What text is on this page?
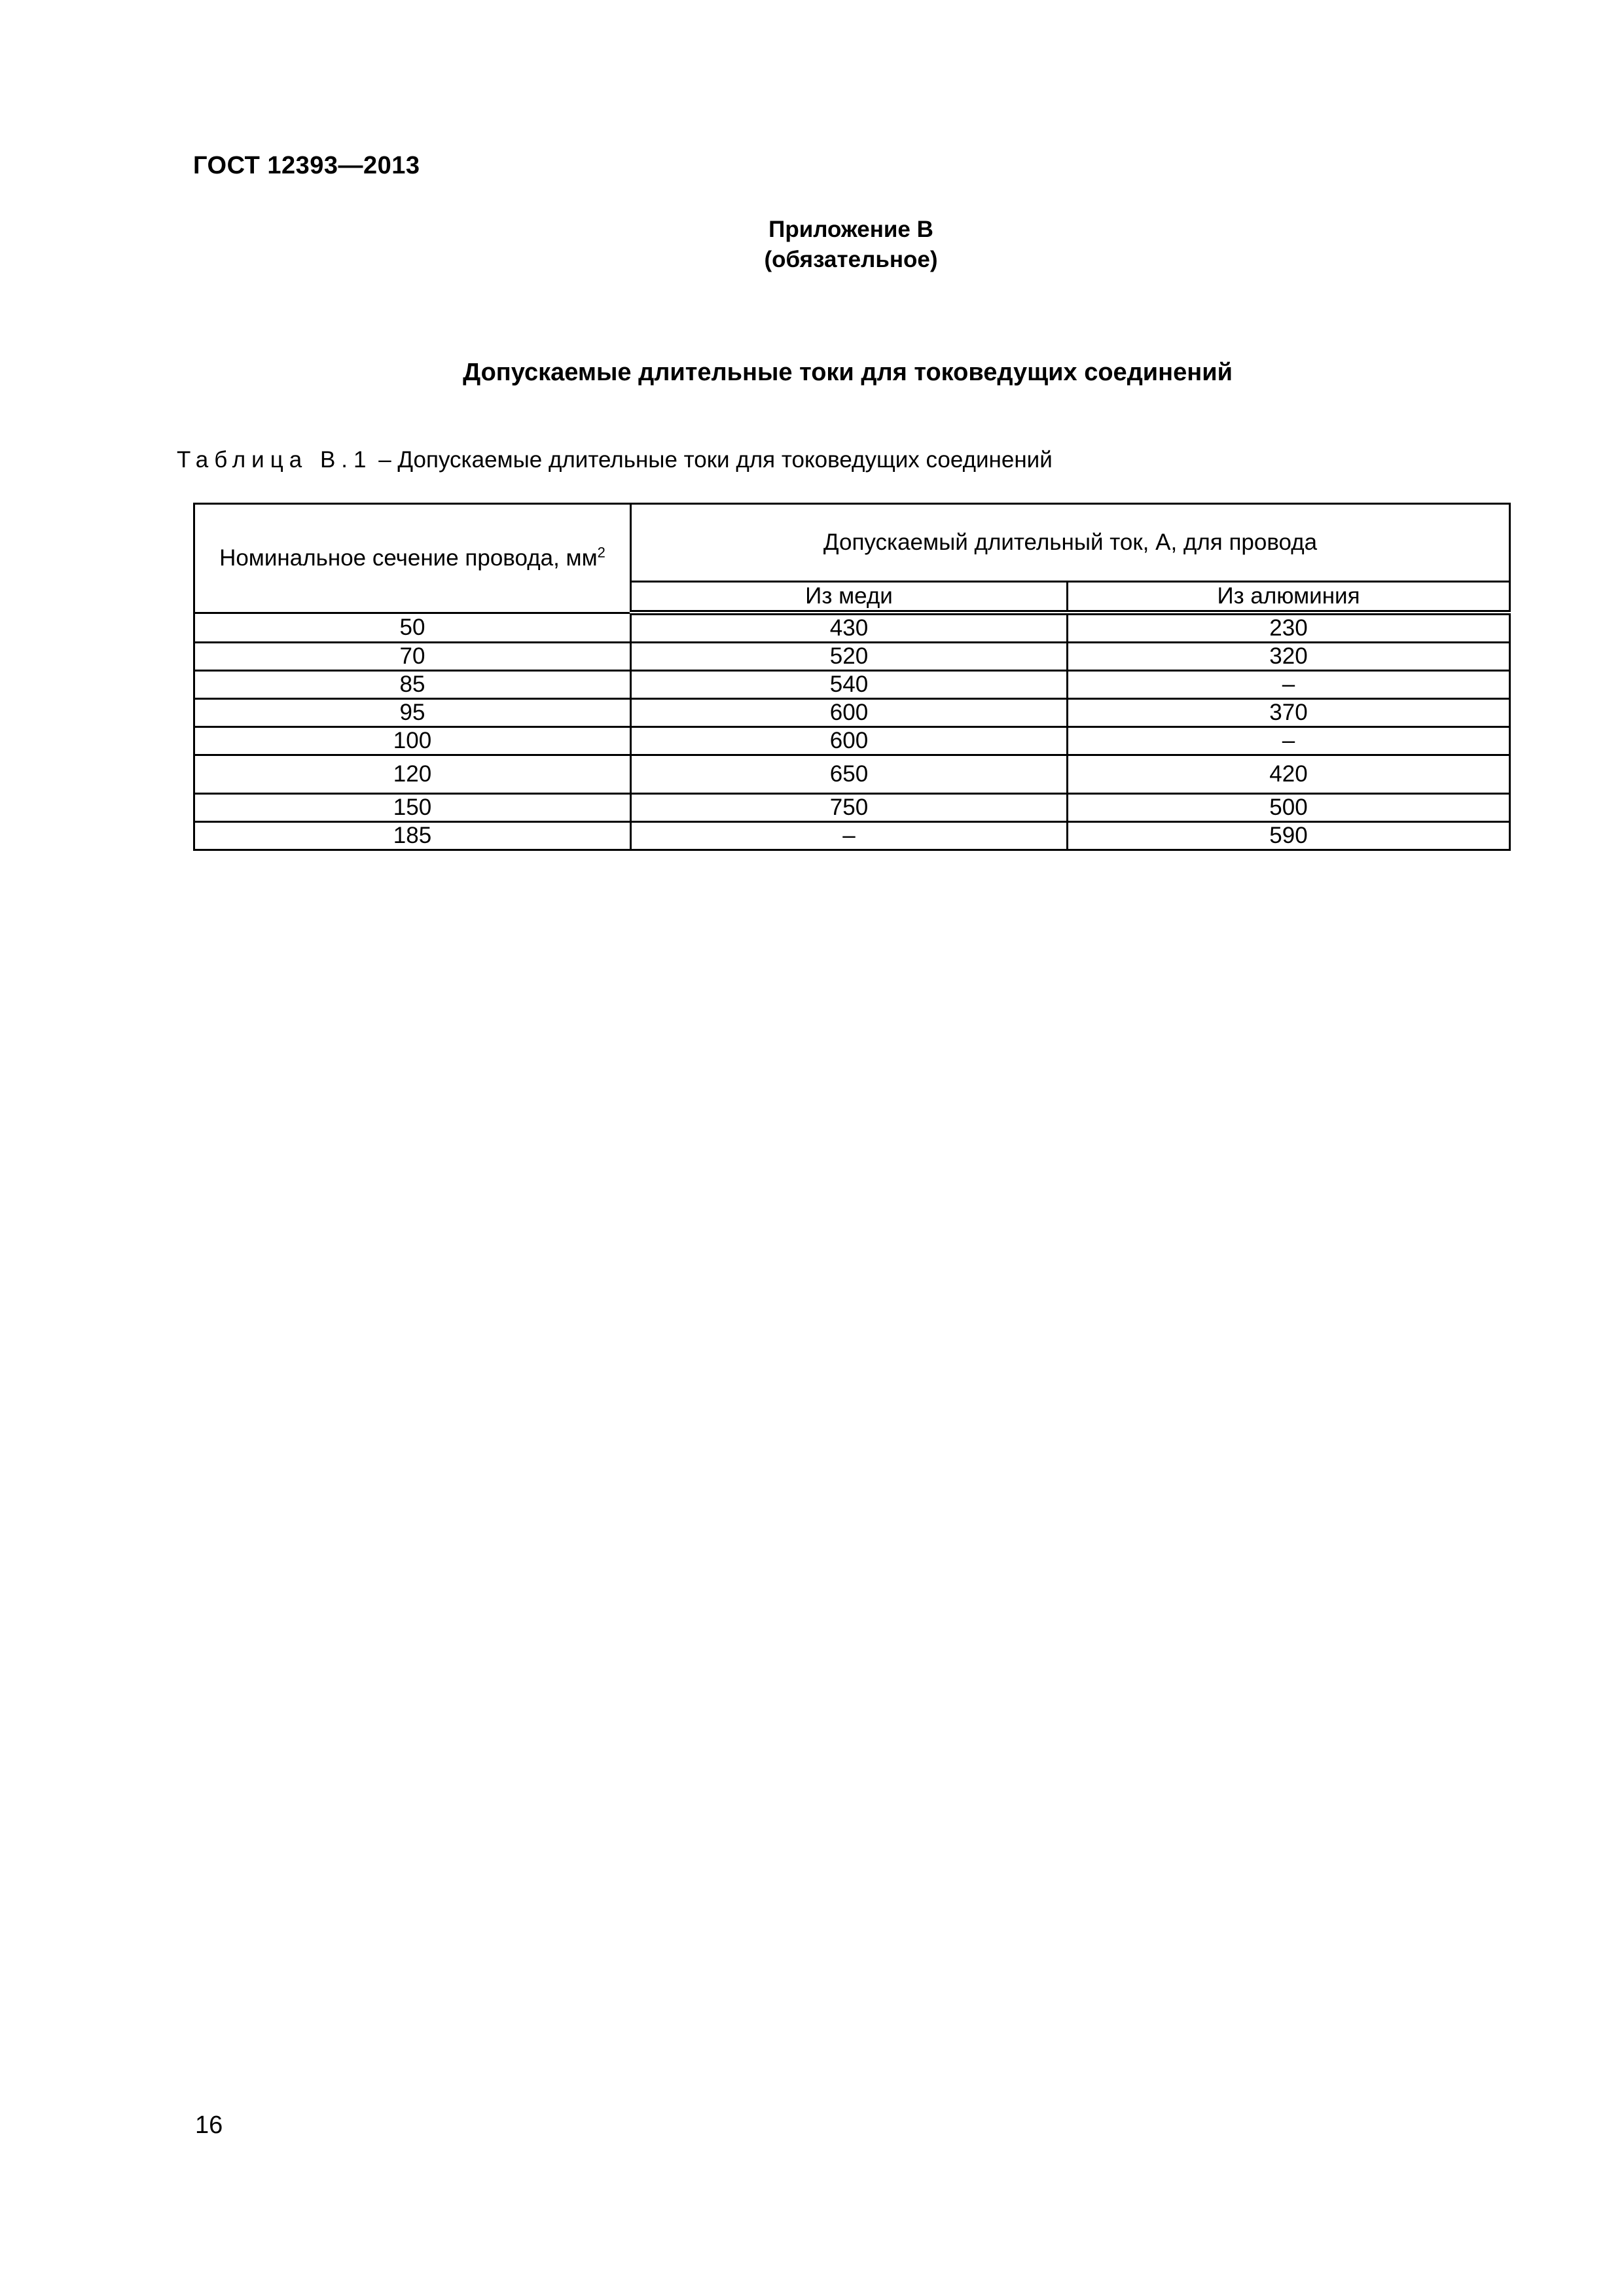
ГОСТ 12393—2013
Приложение В
(обязательное)
Допускаемые длительные токи для токоведущих соединений
Таблица В.1 – Допускаемые длительные токи для токоведущих соединений
Номинальное сечение провода, $мм^2$	Допускаемый длительный ток, А, для провода	
	Из меди	Из алюминия
50	430	230
70	520	320
85	540	–
95	600	370
100	600	–
120	650	420
150	750	500
185	–	590
16
